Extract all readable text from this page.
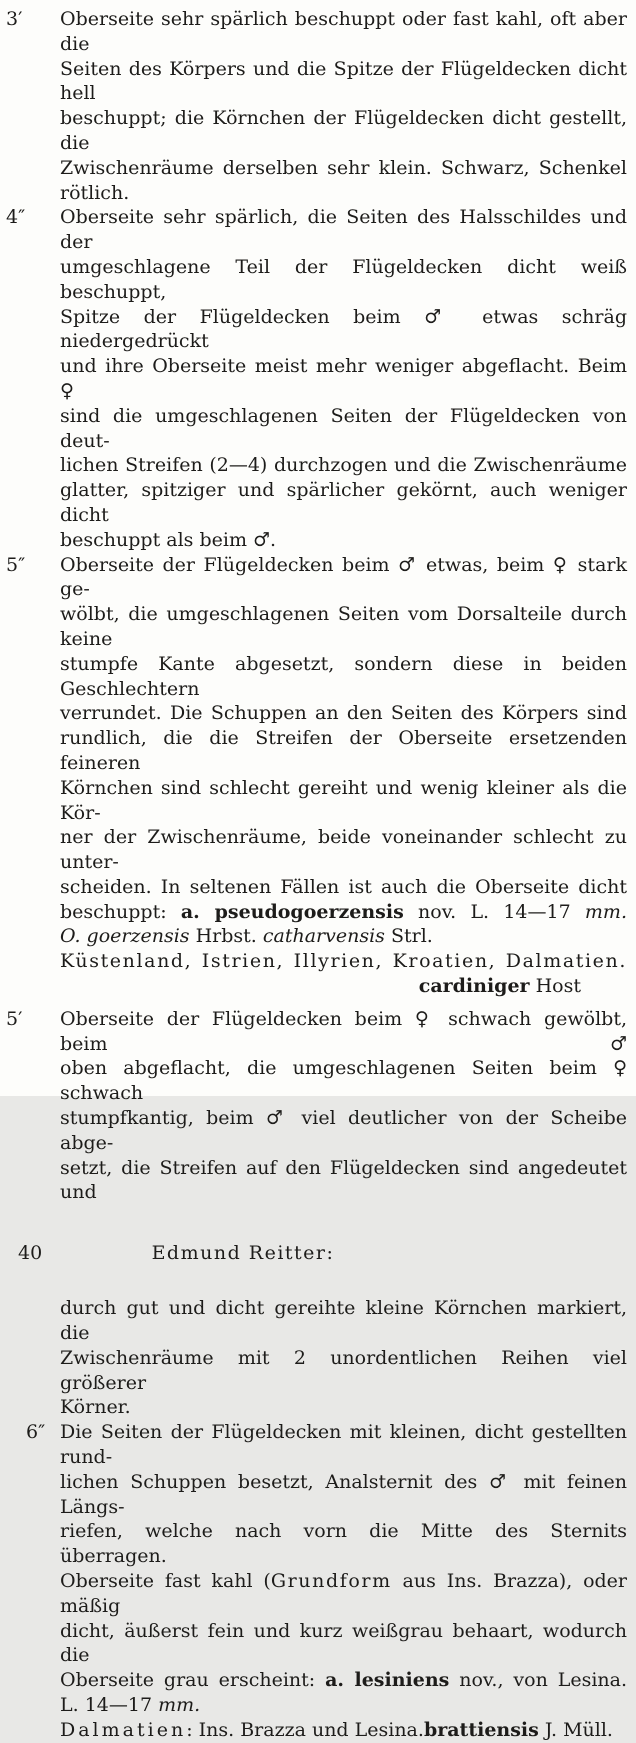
3′	Oberseite sehr spärlich beschuppt oder fast kahl, oft aber die
Seiten des Körpers und die Spitze der Flügeldecken dicht hell
beschuppt; die Körnchen der Flügeldecken dicht gestellt, die
Zwischenräume derselben sehr klein. Schwarz, Schenkel rötlich.
4″	Oberseite sehr spärlich, die Seiten des Halsschildes und der
umgeschlagene Teil der Flügeldecken dicht weiß beschuppt,
Spitze der Flügeldecken beim ♂ etwas schräg niedergedrückt
und ihre Oberseite meist mehr weniger abgeflacht. Beim ♀
sind die umgeschlagenen Seiten der Flügeldecken von deut-
lichen Streifen (2—4) durchzogen und die Zwischenräume
glatter, spitziger und spärlicher gekörnt, auch weniger dicht
beschuppt als beim ♂.
5″	Oberseite der Flügeldecken beim ♂ etwas, beim ♀ stark ge-
wölbt, die umgeschlagenen Seiten vom Dorsalteile durch keine
stumpfe Kante abgesetzt, sondern diese in beiden Geschlechtern
verrundet. Die Schuppen an den Seiten des Körpers sind
rundlich, die die Streifen der Oberseite ersetzenden feineren
Körnchen sind schlecht gereiht und wenig kleiner als die Kör-
ner der Zwischenräume, beide voneinander schlecht zu unter-
scheiden. In seltenen Fällen ist auch die Oberseite dicht
beschuppt: a. pseudogoerzensis nov. L. 14—17 mm.
O. goerzensis Hrbst. catharvensis Strl.
Küstenland, Istrien, Illyrien, Kroatien, Dalmatien.
cardiniger Host
5′	Oberseite der Flügeldecken beim ♀ schwach gewölbt, beim ♂
oben abgeflacht, die umgeschlagenen Seiten beim ♀ schwach
stumpfkantig, beim ♂ viel deutlicher von der Scheibe abge-
setzt, die Streifen auf den Flügeldecken sind angedeutet und
40	Edmund Reitter:
durch gut und dicht gereihte kleine Körnchen markiert, die
Zwischenräume mit 2 unordentlichen Reihen viel größerer
Körner.
6″ Die Seiten der Flügeldecken mit kleinen, dicht gestellten rund-
lichen Schuppen besetzt, Analsternit des ♂ mit feinen Längs-
riefen, welche nach vorn die Mitte des Sternits überragen.
Oberseite fast kahl (Grundform aus Ins. Brazza), oder mäßig
dicht, äußerst fein und kurz weißgrau behaart, wodurch die
Oberseite grau erscheint: a. lesiniens nov., von Lesina.
L. 14—17 mm.
Dalmatien: Ins. Brazza und Lesina. brattiensis J. Müll.
